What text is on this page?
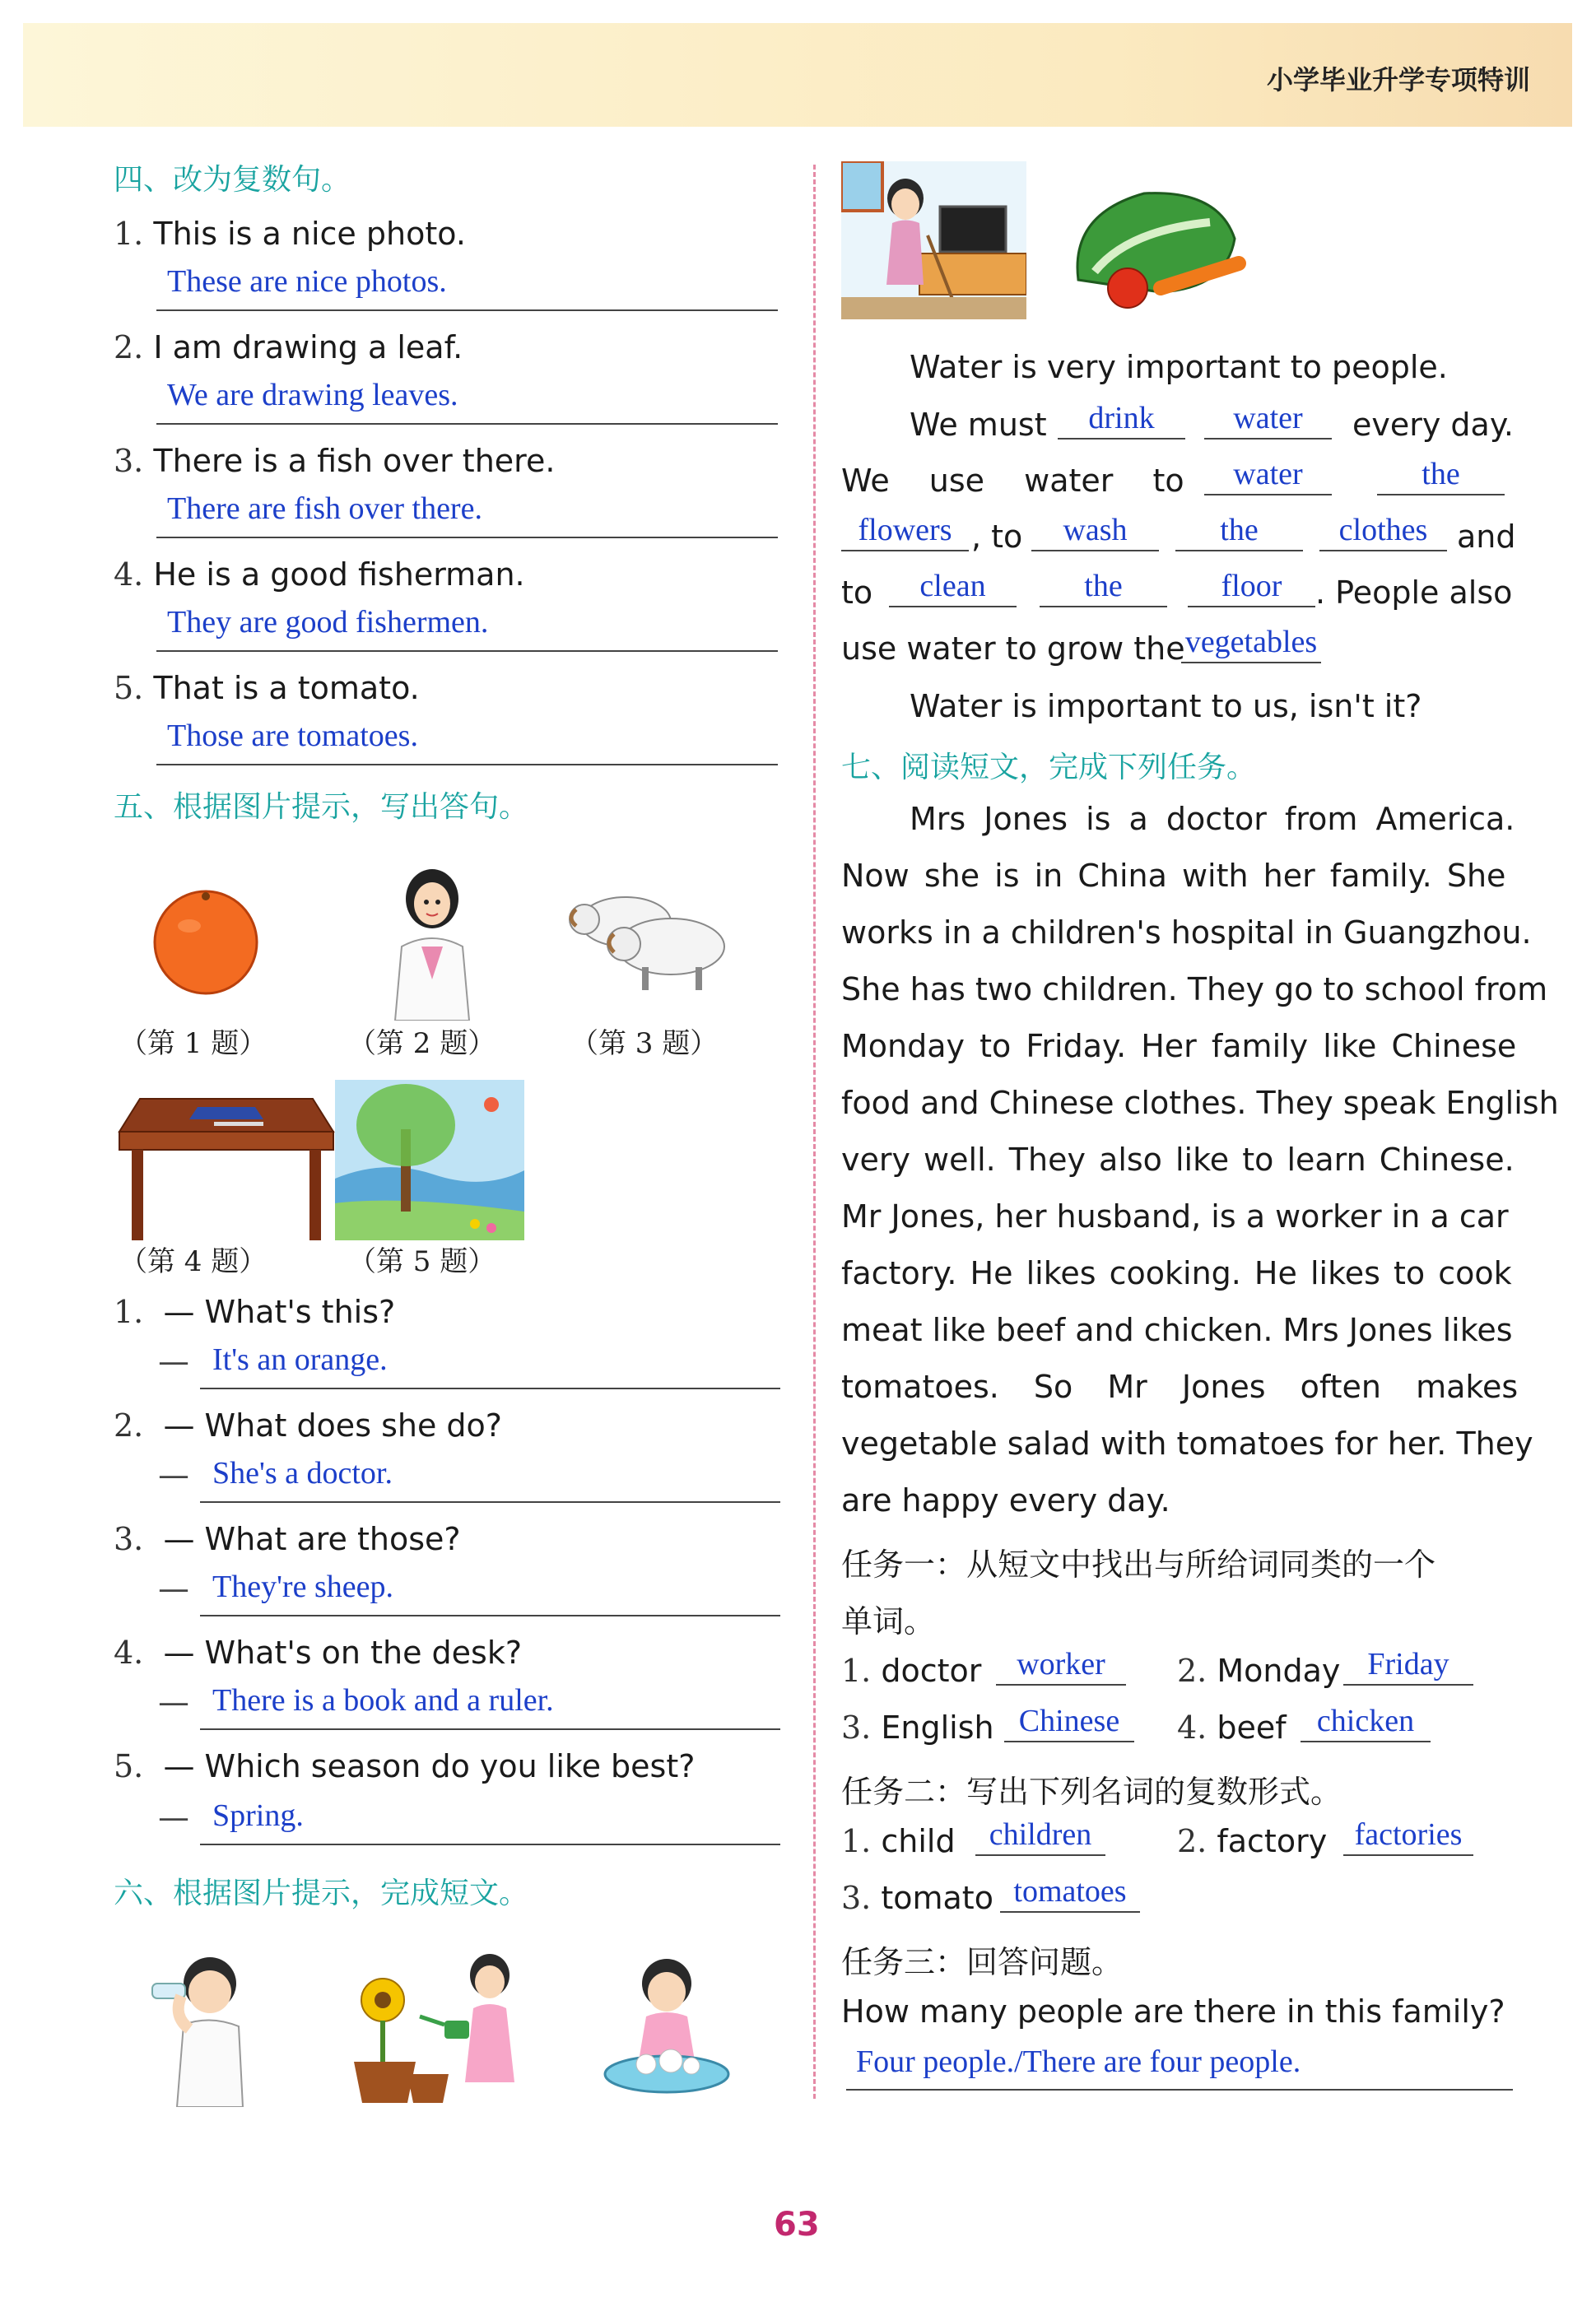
小学毕业升学专项特训
四、改为复数句。
1. This is a nice photo.
These are nice photos.
2. I am drawing a leaf.
We are drawing leaves.
3. There is a fish over there.
There are fish over there.
4. He is a good fisherman.
They are good fishermen.
5. That is a tomato.
Those are tomatoes.
五、根据图片提示，写出答句。
（第 1 题）	（第 2 题）	（第 3 题）
（第 4 题）	（第 5 题）
1. — What's this?
— It's an orange.
2. — What does she do?
— She's a doctor.
3. — What are those?
— They're sheep.
4. — What's on the desk?
— There is a book and a ruler.
5. — Which season do you like best?
— Spring.
六、根据图片提示，完成短文。
Water is very important to people.
We must	drink	water	every day.
We use water to	water	the
flowers , to	wash	the	clothes and
to	clean	the	floor	. People also
use water to grow the vegetables
Water is important to us, isn't it?
七、阅读短文，完成下列任务。
Mrs Jones is a doctor from America.
Now she is in China with her family. She
works in a children's hospital in Guangzhou.
She has two children. They go to school from
Monday to Friday. Her family like Chinese
food and Chinese clothes. They speak English
very well. They also like to learn Chinese.
Mr Jones, her husband, is a worker in a car
factory. He likes cooking. He likes to cook
meat like beef and chicken. Mrs Jones likes
tomatoes. So Mr Jones often makes
vegetable salad with tomatoes for her. They
are happy every day.
任务一：从短文中找出与所给词同类的一个
单词。
1. doctor	worker	2. Monday Friday
3. English Chinese	4. beef chicken
任务二：写出下列名词的复数形式。
1. child	children	2. factory factories
3. tomato tomatoes
任务三：回答问题。
How many people are there in this family?
Four people./There are four people.
63
